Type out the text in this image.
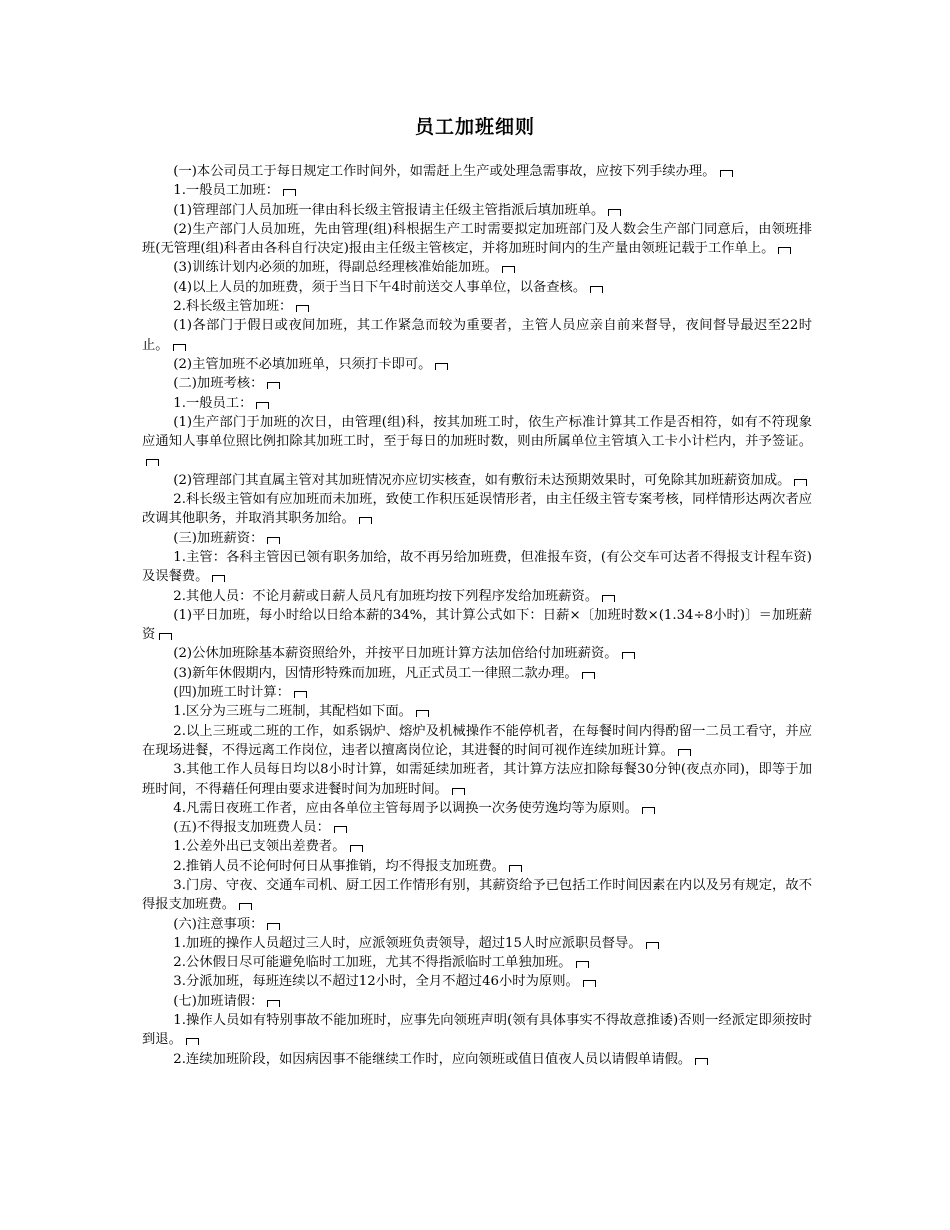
员工加班细则

(一)本公司员工于每日规定工作时间外，如需赶上生产或处理急需事故，应按下列手续办理。

1.一般员工加班：

(1)管理部门人员加班一律由科长级主管报请主任级主管指派后填加班单。

(2)生产部门人员加班，先由管理(组)科根据生产工时需要拟定加班部门及人数会生产部门同意后，由领班排班(无管理(组)科者由各科自行决定)报由主任级主管核定，并将加班时间内的生产量由领班记载于工作单上。

(3)训练计划内必须的加班，得副总经理核准始能加班。

(4)以上人员的加班费，须于当日下午4时前送交人事单位，以备查核。

2.科长级主管加班：

(1)各部门于假日或夜间加班，其工作紧急而较为重要者，主管人员应亲自前来督导，夜间督导最迟至22时止。

(2)主管加班不必填加班单，只须打卡即可。

(二)加班考核：

1.一般员工：

(1)生产部门于加班的次日，由管理(组)科，按其加班工时，依生产标准计算其工作是否相符，如有不符现象应通知人事单位照比例扣除其加班工时，至于每日的加班时数，则由所属单位主管填入工卡小计栏内，并予签证。

(2)管理部门其直属主管对其加班情况亦应切实核查，如有敷衍未达预期效果时，可免除其加班薪资加成。

2.科长级主管如有应加班而未加班，致使工作积压延误情形者，由主任级主管专案考核，同样情形达两次者应改调其他职务，并取消其职务加给。

(三)加班薪资：

1.主管：各科主管因已领有职务加给，故不再另给加班费，但准报车资，(有公交车可达者不得报支计程车资)及误餐费。

2.其他人员：不论月薪或日薪人员凡有加班均按下列程序发给加班薪资。

(1)平日加班，每小时给以日给本薪的34%，其计算公式如下：日薪×〔加班时数×(1.34÷8小时)〕＝加班薪资

(2)公休加班除基本薪资照给外，并按平日加班计算方法加倍给付加班薪资。

(3)新年休假期内，因情形特殊而加班，凡正式员工一律照二款办理。

(四)加班工时计算：

1.区分为三班与二班制，其配档如下面。

2.以上三班或二班的工作，如系锅炉、熔炉及机械操作不能停机者，在每餐时间内得酌留一二员工看守，并应在现场进餐，不得远离工作岗位，违者以擅离岗位论，其进餐的时间可视作连续加班计算。

3.其他工作人员每日均以8小时计算，如需延续加班者，其计算方法应扣除每餐30分钟(夜点亦同)，即等于加班时间，不得藉任何理由要求进餐时间为加班时间。

4.凡需日夜班工作者，应由各单位主管每周予以调换一次务使劳逸均等为原则。

(五)不得报支加班费人员：

1.公差外出已支领出差费者。

2.推销人员不论何时何日从事推销，均不得报支加班费。

3.门房、守夜、交通车司机、厨工因工作情形有别，其薪资给予已包括工作时间因素在内以及另有规定，故不得报支加班费。

(六)注意事项：

1.加班的操作人员超过三人时，应派领班负责领导，超过15人时应派职员督导。

2.公休假日尽可能避免临时工加班，尤其不得指派临时工单独加班。

3.分派加班，每班连续以不超过12小时，全月不超过46小时为原则。

(七)加班请假：

1.操作人员如有特别事故不能加班时，应事先向领班声明(领有具体事实不得故意推诿)否则一经派定即须按时到退。

2.连续加班阶段，如因病因事不能继续工作时，应向领班或值日值夜人员以请假单请假。
